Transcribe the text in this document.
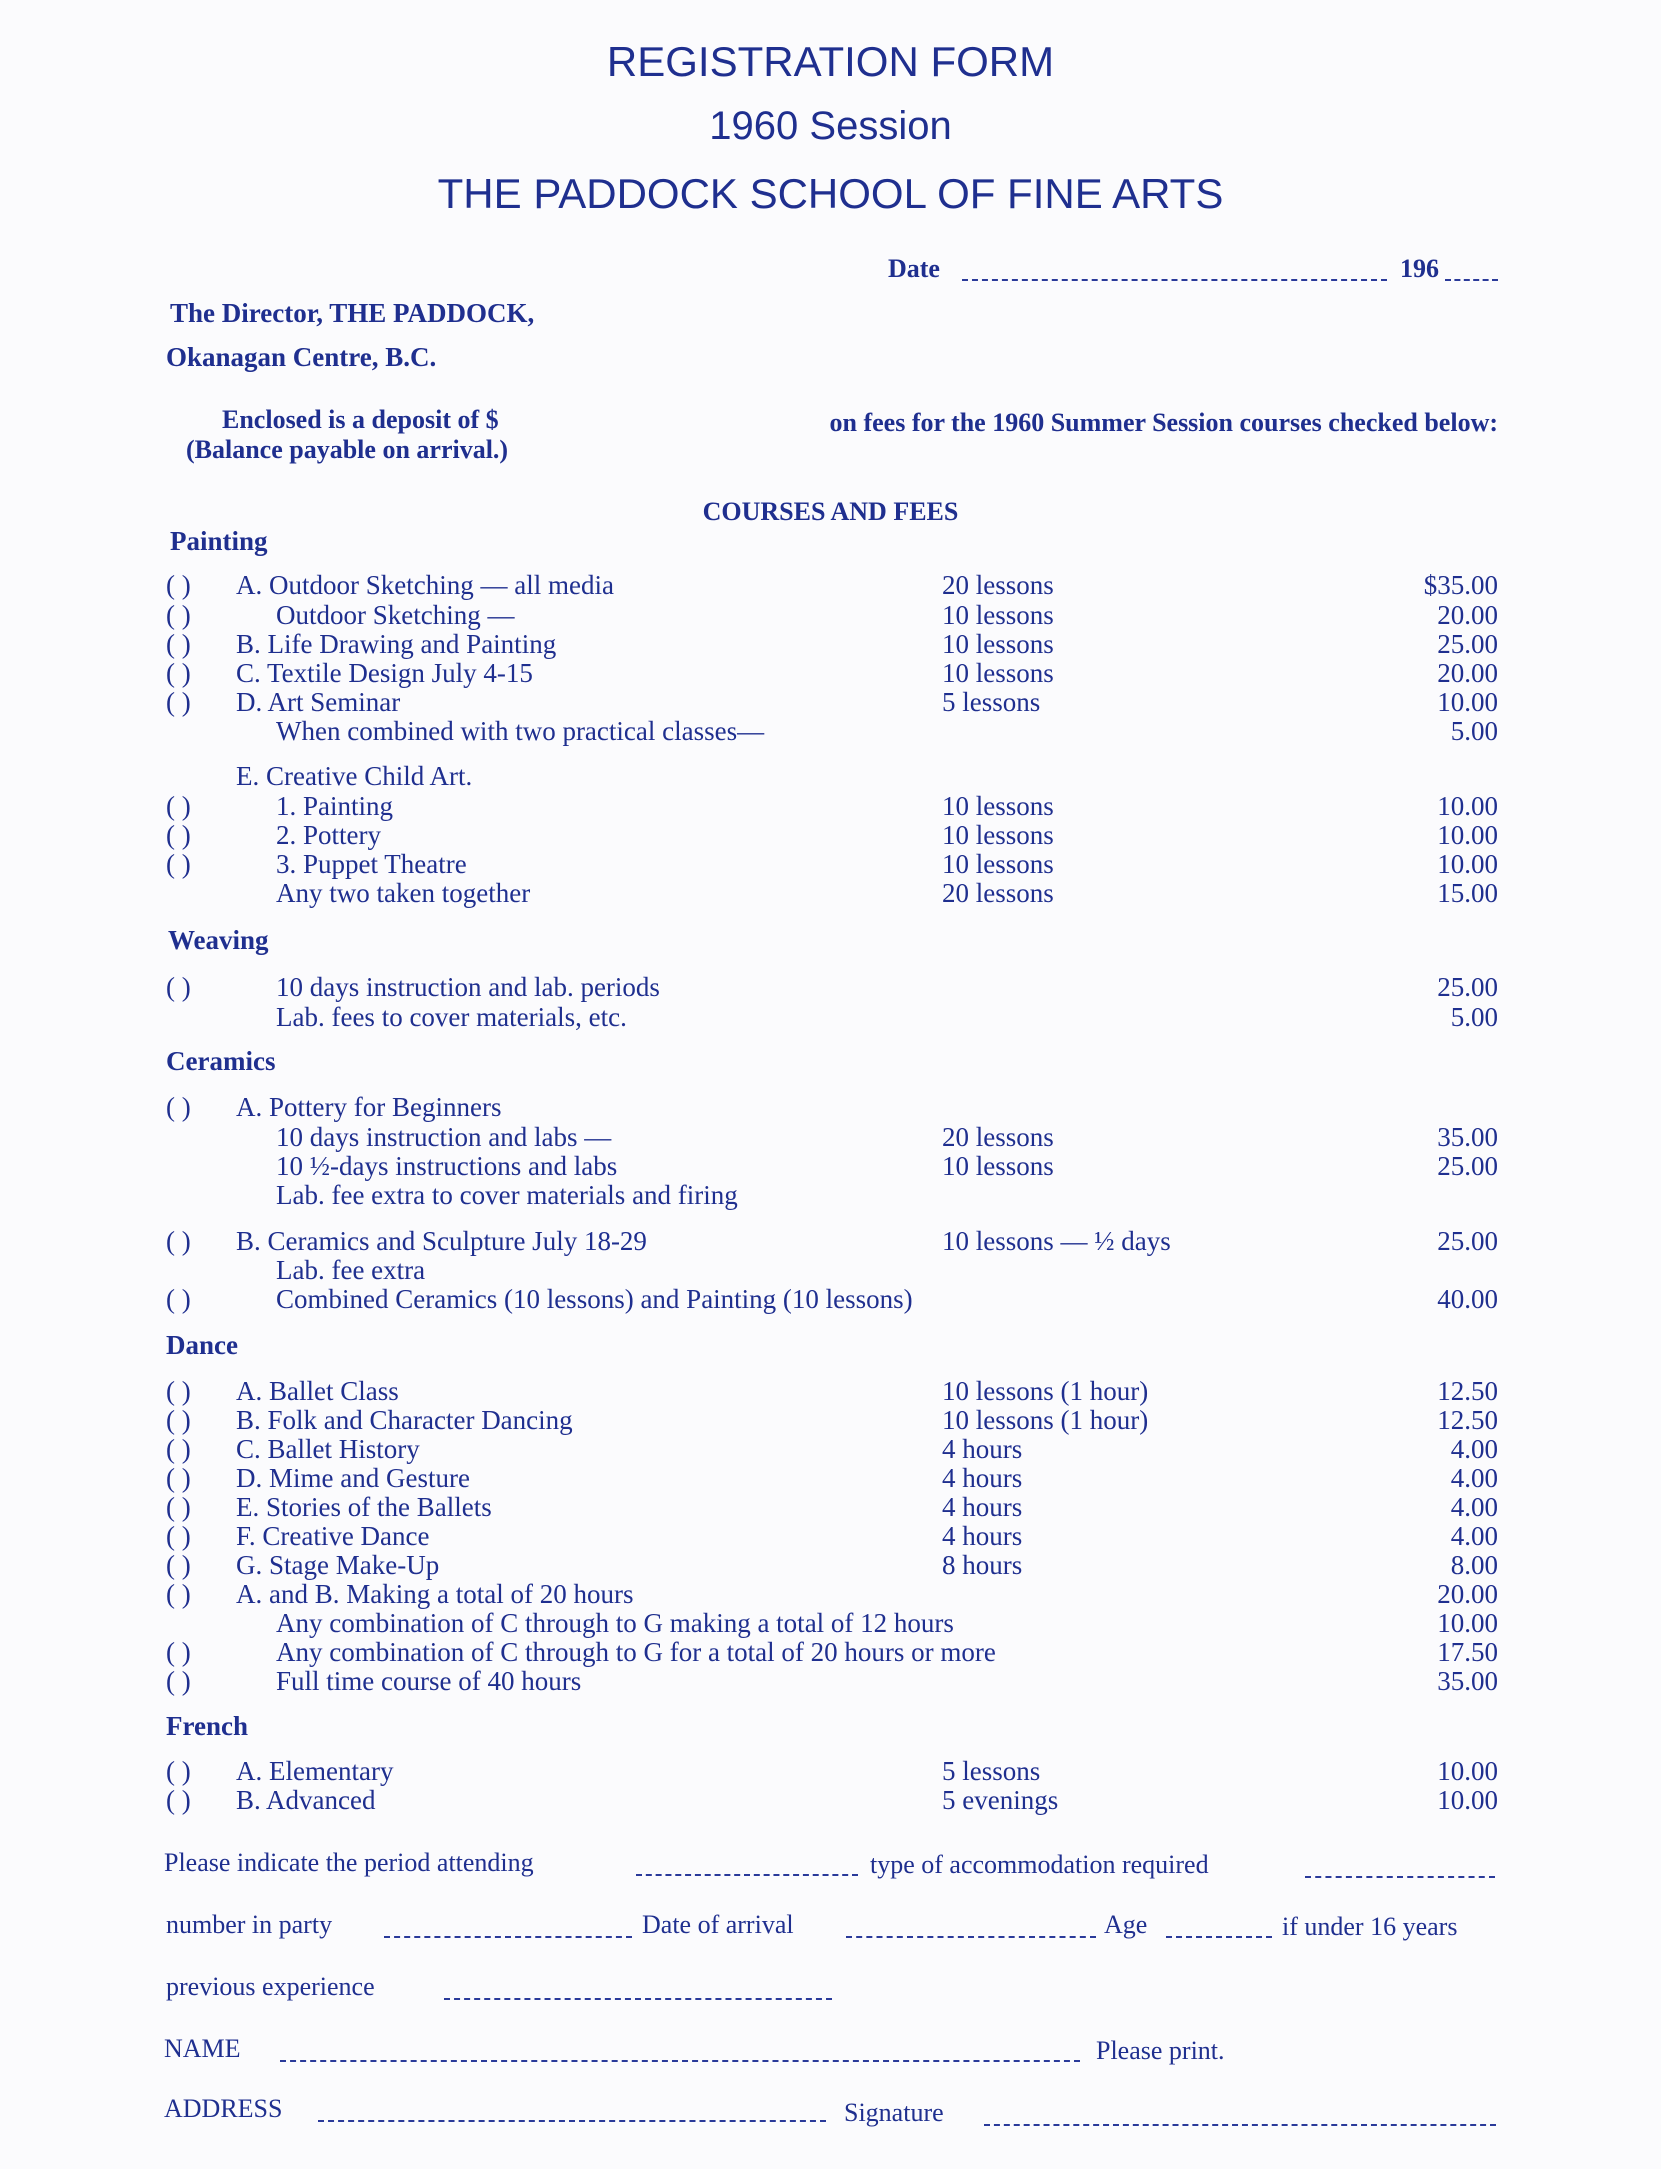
REGISTRATION FORM
1960 Session
THE PADDOCK SCHOOL OF FINE ARTS
Date	196
The Director, THE PADDOCK,
Okanagan Centre, B.C.
Enclosed is a deposit of $
(Balance payable on arrival.)
on fees for the 1960 Summer Session courses checked below:
COURSES AND FEES
Painting
Weaving
Ceramics
Dance
French
( ) A. Outdoor Sketching — all media	20 lessons	$35.00
( )	Outdoor Sketching —	10 lessons	20.00
( ) B. Life Drawing and Painting	10 lessons	25.00
( ) C. Textile Design July 4-15	10 lessons	20.00
( ) D. Art Seminar	5 lessons	10.00
When combined with two practical classes—	5.00
E. Creative Child Art.
( )	1. Painting	10 lessons	10.00
( )	2. Pottery	10 lessons	10.00
( )	3. Puppet Theatre	10 lessons	10.00
Any two taken together	20 lessons	15.00
( )	10 days instruction and lab. periods	25.00
Lab. fees to cover materials, etc.	5.00
( ) A. Pottery for Beginners
10 days instruction and labs —	20 lessons	35.00
10 ½-days instructions and labs	10 lessons	25.00
Lab. fee extra to cover materials and firing
( ) B. Ceramics and Sculpture July 18-29	10 lessons — ½ days	25.00
Lab. fee extra
( )	Combined Ceramics (10 lessons) and Painting (10 lessons)	40.00
( ) A. Ballet Class	10 lessons (1 hour)	12.50
( ) B. Folk and Character Dancing	10 lessons (1 hour)	12.50
( ) C. Ballet History	4 hours	4.00
( ) D. Mime and Gesture	4 hours	4.00
( ) E. Stories of the Ballets	4 hours	4.00
( ) F. Creative Dance	4 hours	4.00
( ) G. Stage Make-Up	8 hours	8.00
( ) A. and B. Making a total of 20 hours	20.00
Any combination of C through to G making a total of 12 hours	10.00
( )	Any combination of C through to G for a total of 20 hours or more	17.50
( )	Full time course of 40 hours	35.00
( ) A. Elementary	5 lessons	10.00
( ) B. Advanced	5 evenings	10.00
Please indicate the period attending	type of accommodation required
number in party	Date of arrival	Age	if under 16 years
previous experience
NAME	Please print.
ADDRESS	Signature
